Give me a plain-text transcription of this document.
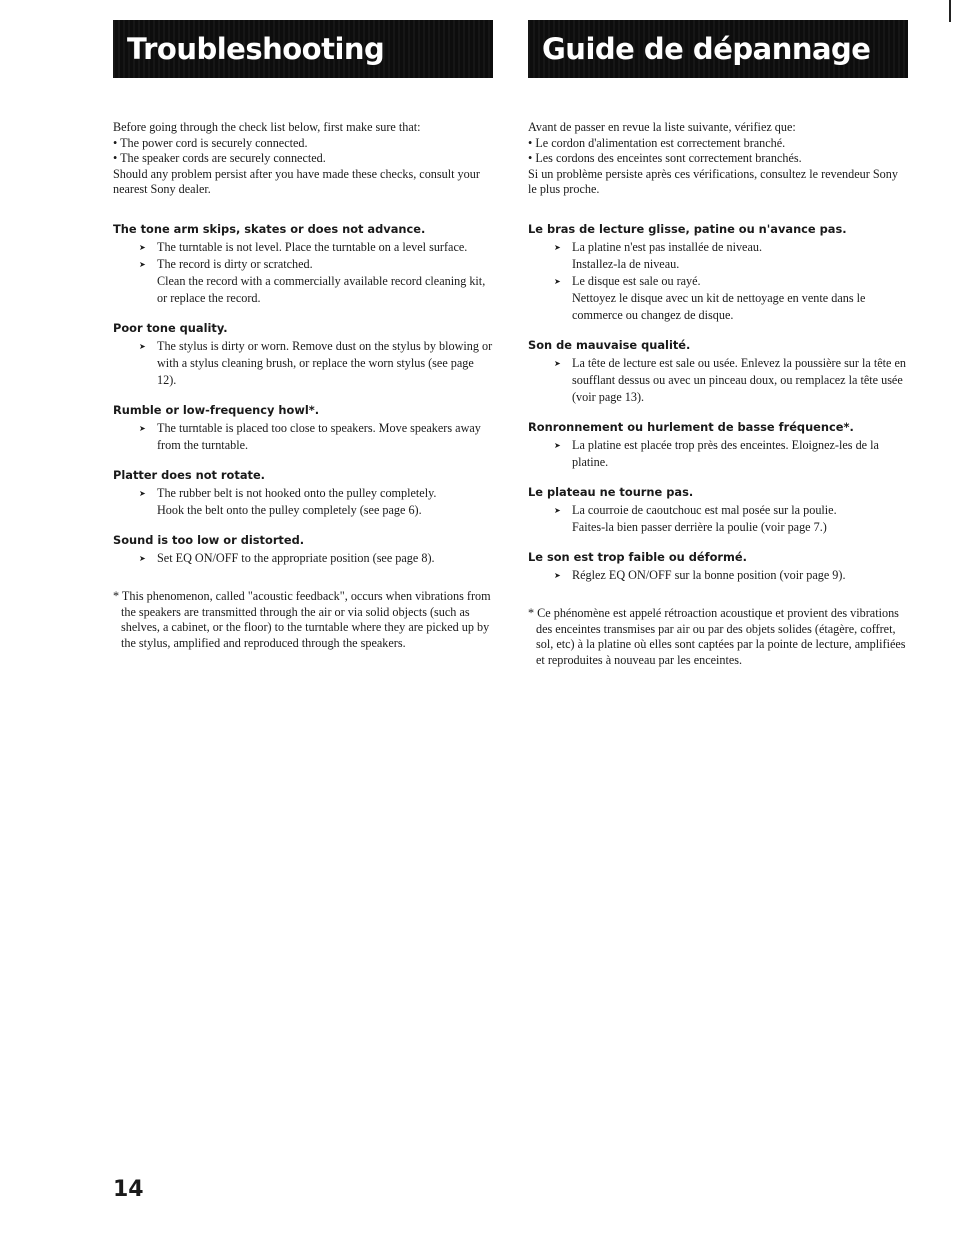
Troubleshooting

Before going through the check list below, first make sure that:

• The power cord is securely connected.

• The speaker cords are securely connected.

Should any problem persist after you have made these checks, consult your nearest Sony dealer.

The tone arm skips, skates or does not advance.
➤ The turntable is not level. Place the turntable on a level surface.

➤ The record is dirty or scratched.

Clean the record with a commercially available record cleaning kit, or replace the record.

Poor tone quality.
➤ The stylus is dirty or worn. Remove dust on the stylus by blowing or with a stylus cleaning brush, or replace the worn stylus (see page 12).

Rumble or low-frequency howl*.
➤ The turntable is placed too close to speakers. Move speakers away from the turntable.

Platter does not rotate.
➤ The rubber belt is not hooked onto the pulley completely.

Hook the belt onto the pulley completely (see page 6).

Sound is too low or distorted.
➤ Set EQ ON/OFF to the appropriate position (see page 8).

* This phenomenon, called "acoustic feedback", occurs when vibrations from the speakers are transmitted through the air or via solid objects (such as shelves, a cabinet, or the floor) to the turntable where they are picked up by the stylus, amplified and reproduced through the speakers.

Guide de dépannage

Avant de passer en revue la liste suivante, vérifiez que:

• Le cordon d'alimentation est correctement branché.

• Les cordons des enceintes sont correctement branchés.

Si un problème persiste après ces vérifications, consultez le revendeur Sony le plus proche.

Le bras de lecture glisse, patine ou n'avance pas.
➤ La platine n'est pas installée de niveau.

Installez-la de niveau.

➤ Le disque est sale ou rayé.

Nettoyez le disque avec un kit de nettoyage en vente dans le commerce ou changez de disque.

Son de mauvaise qualité.
➤ La tête de lecture est sale ou usée. Enlevez la poussière sur la tête en soufflant dessus ou avec un pinceau doux, ou remplacez la tête usée (voir page 13).

Ronronnement ou hurlement de basse fréquence*.
➤ La platine est placée trop près des enceintes. Eloignez-les de la platine.

Le plateau ne tourne pas.
➤ La courroie de caoutchouc est mal posée sur la poulie.

Faites-la bien passer derrière la poulie (voir page 7.)

Le son est trop faible ou déformé.
➤ Réglez EQ ON/OFF sur la bonne position (voir page 9).

* Ce phénomène est appelé rétroaction acoustique et provient des vibrations des enceintes transmises par air ou par des objets solides (étagère, coffret, sol, etc) à la platine où elles sont captées par la pointe de lecture, amplifiées et reproduites à nouveau par les enceintes.

14
